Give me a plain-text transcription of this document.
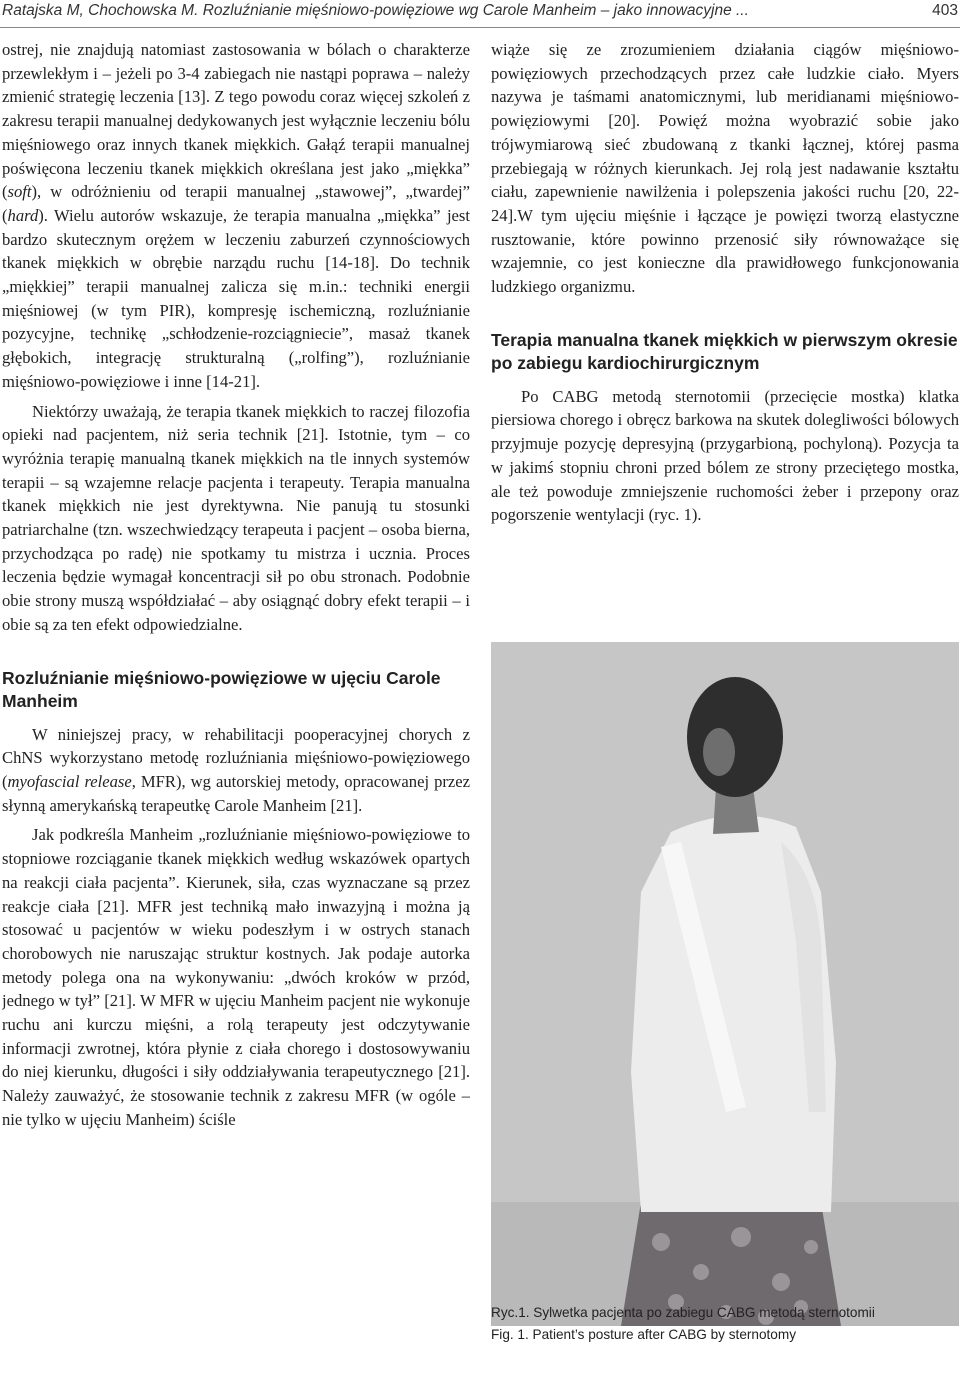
Ratajska M, Chochowska M. Rozluźnianie mięśniowo-powięziowe wg Carole Manheim – jako innowacyjne ...	403

ostrej, nie znajdują natomiast zastosowania w bólach o charakterze przewlekłym i – jeżeli po 3-4 zabiegach nie nastąpi poprawa – należy zmienić strategię leczenia [13]. Z tego powodu coraz więcej szkoleń z zakresu terapii manualnej dedykowanych jest wyłącznie leczeniu bólu mięśniowego oraz innych tkanek miękkich. Gałąź terapii manualnej poświęcona leczeniu tkanek miękkich określana jest jako „miękka” (soft), w odróżnieniu od terapii manualnej „stawowej”, „twardej” (hard). Wielu autorów wskazuje, że terapia manualna „miękka” jest bardzo skutecznym orężem w leczeniu zaburzeń czynnościowych tkanek miękkich w obrębie narządu ruchu [14-18]. Do technik „miękkiej” terapii manualnej zalicza się m.in.: techniki energii mięśniowej (w tym PIR), kompresję ischemiczną, rozluźnianie pozycyjne, technikę „schłodzenie-rozciągniecie”, masaż tkanek głębokich, integrację strukturalną („rolfing”), rozluźnianie mięśniowo-powięziowe i inne [14-21].

Niektórzy uważają, że terapia tkanek miękkich to raczej filozofia opieki nad pacjentem, niż seria technik [21]. Istotnie, tym – co wyróżnia terapię manualną tkanek miękkich na tle innych systemów terapii – są wzajemne relacje pacjenta i terapeuty. Terapia manualna tkanek miękkich nie jest dyrektywna. Nie panują tu stosunki patriarchalne (tzn. wszechwiedzący terapeuta i pacjent – osoba bierna, przychodząca po radę) nie spotkamy tu mistrza i ucznia. Proces leczenia będzie wymagał koncentracji sił po obu stronach. Podobnie obie strony muszą współdziałać – aby osiągnąć dobry efekt terapii – i obie są za ten efekt odpowiedzialne.

Rozluźnianie mięśniowo-powięziowe w ujęciu Carole Manheim

W niniejszej pracy, w rehabilitacji pooperacyjnej chorych z ChNS wykorzystano metodę rozluźniania mięśniowo-powięziowego (myofascial release, MFR), wg autorskiej metody, opracowanej przez słynną amerykańską terapeutkę Carole Manheim [21].

Jak podkreśla Manheim „rozluźnianie mięśniowo-powięziowe to stopniowe rozciąganie tkanek miękkich według wskazówek opartych na reakcji ciała pacjenta”. Kierunek, siła, czas wyznaczane są przez reakcje ciała [21]. MFR jest techniką mało inwazyjną i można ją stosować u pacjentów w wieku podeszłym i w ostrych stanach chorobowych nie naruszając struktur kostnych. Jak podaje autorka metody polega ona na wykonywaniu: „dwóch kroków w przód, jednego w tył” [21]. W MFR w ujęciu Manheim pacjent nie wykonuje ruchu ani kurczu mięśni, a rolą terapeuty jest odczytywanie informacji zwrotnej, która płynie z ciała chorego i dostosowywaniu do niej kierunku, długości i siły oddziaływania terapeutycznego [21]. Należy zauważyć, że stosowanie technik z zakresu MFR (w ogóle – nie tylko w ujęciu Manheim) ściśle

wiąże się ze zrozumieniem działania ciągów mięśniowo-powięziowych przechodzących przez całe ludzkie ciało. Myers nazywa je taśmami anatomicznymi, lub meridianami mięśniowo-powięziowymi [20]. Powięź można wyobrazić sobie jako trójwymiarową sieć zbudowaną z tkanki łącznej, której pasma przebiegają w różnych kierunkach. Jej rolą jest nadawanie kształtu ciału, zapewnienie nawilżenia i polepszenia jakości ruchu [20, 22-24].W tym ujęciu mięśnie i łączące je powięzi tworzą elastyczne rusztowanie, które powinno przenosić siły równoważące się wzajemnie, co jest konieczne dla prawidłowego funkcjonowania ludzkiego organizmu.

Terapia manualna tkanek miękkich w pierwszym okresie po zabiegu kardiochirurgicznym

Po CABG metodą sternotomii (przecięcie mostka) klatka piersiowa chorego i obręcz barkowa na skutek dolegliwości bólowych przyjmuje pozycję depresyjną (przygarbioną, pochyloną). Pozycja ta w jakimś stopniu chroni przed bólem ze strony przeciętego mostka, ale też powoduje zmniejszenie ruchomości żeber i przepony oraz pogorszenie wentylacji (ryc. 1).

Ryc.1. Sylwetka pacjenta po zabiegu CABG metodą sternotomii
Fig. 1. Patient’s posture after CABG by sternotomy
